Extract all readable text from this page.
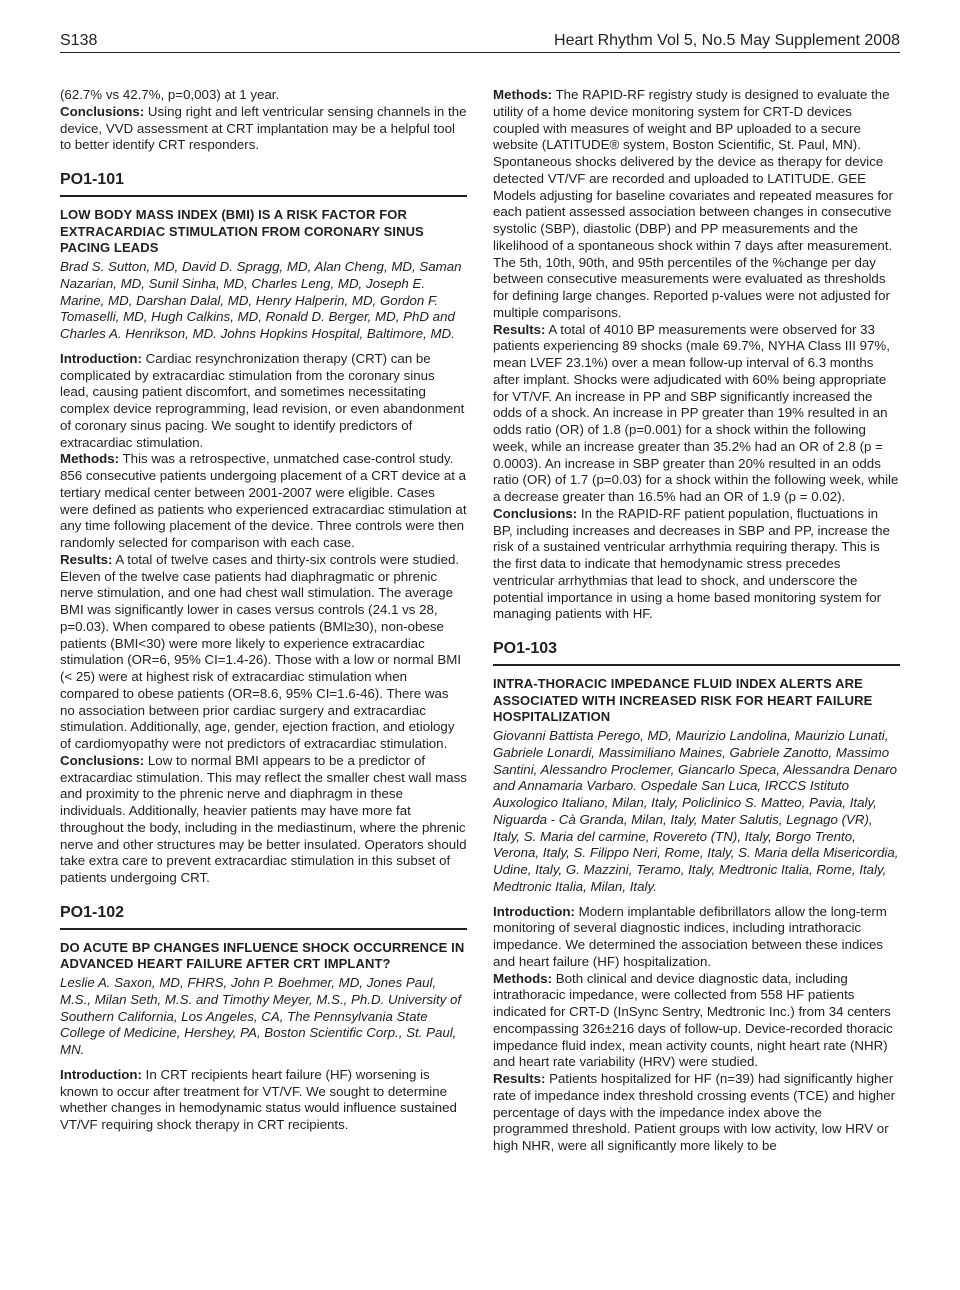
S138	Heart Rhythm Vol 5, No.5 May Supplement 2008

(62.7% vs 42.7%, p=0,003) at 1 year.

Conclusions: Using right and left ventricular sensing channels in the device, VVD assessment at CRT implantation may be a helpful tool to better identify CRT responders.

PO1-101
LOW BODY MASS INDEX (BMI) IS A RISK FACTOR FOR EXTRACARDIAC STIMULATION FROM CORONARY SINUS PACING LEADS
Brad S. Sutton, MD, David D. Spragg, MD, Alan Cheng, MD, Saman Nazarian, MD, Sunil Sinha, MD, Charles Leng, MD, Joseph E. Marine, MD, Darshan Dalal, MD, Henry Halperin, MD, Gordon F. Tomaselli, MD, Hugh Calkins, MD, Ronald D. Berger, MD, PhD and Charles A. Henrikson, MD. Johns Hopkins Hospital, Baltimore, MD.

Introduction: Cardiac resynchronization therapy (CRT) can be complicated by extracardiac stimulation from the coronary sinus lead, causing patient discomfort, and sometimes necessitating complex device reprogramming, lead revision, or even abandonment of coronary sinus pacing. We sought to identify predictors of extracardiac stimulation.

Methods: This was a retrospective, unmatched case-control study. 856 consecutive patients undergoing placement of a CRT device at a tertiary medical center between 2001-2007 were eligible. Cases were defined as patients who experienced extracardiac stimulation at any time following placement of the device. Three controls were then randomly selected for comparison with each case.

Results: A total of twelve cases and thirty-six controls were studied. Eleven of the twelve case patients had diaphragmatic or phrenic nerve stimulation, and one had chest wall stimulation. The average BMI was significantly lower in cases versus controls (24.1 vs 28, p=0.03). When compared to obese patients (BMI≥30), non-obese patients (BMI<30) were more likely to experience extracardiac stimulation (OR=6, 95% CI=1.4-26). Those with a low or normal BMI (< 25) were at highest risk of extracardiac stimulation when compared to obese patients (OR=8.6, 95% CI=1.6-46). There was no association between prior cardiac surgery and extracardiac stimulation. Additionally, age, gender, ejection fraction, and etiology of cardiomyopathy were not predictors of extracardiac stimulation.

Conclusions: Low to normal BMI appears to be a predictor of extracardiac stimulation. This may reflect the smaller chest wall mass and proximity to the phrenic nerve and diaphragm in these individuals. Additionally, heavier patients may have more fat throughout the body, including in the mediastinum, where the phrenic nerve and other structures may be better insulated. Operators should take extra care to prevent extracardiac stimulation in this subset of patients undergoing CRT.

PO1-102
DO ACUTE BP CHANGES INFLUENCE SHOCK OCCURRENCE IN ADVANCED HEART FAILURE AFTER CRT IMPLANT?
Leslie A. Saxon, MD, FHRS, John P. Boehmer, MD, Jones Paul, M.S., Milan Seth, M.S. and Timothy Meyer, M.S., Ph.D. University of Southern California, Los Angeles, CA, The Pennsylvania State College of Medicine, Hershey, PA, Boston Scientific Corp., St. Paul, MN.

Introduction: In CRT recipients heart failure (HF) worsening is known to occur after treatment for VT/VF. We sought to determine whether changes in hemodynamic status would influence sustained VT/VF requiring shock therapy in CRT recipients.

Methods: The RAPID-RF registry study is designed to evaluate the utility of a home device monitoring system for CRT-D devices coupled with measures of weight and BP uploaded to a secure website (LATITUDE® system, Boston Scientific, St. Paul, MN). Spontaneous shocks delivered by the device as therapy for device detected VT/VF are recorded and uploaded to LATITUDE. GEE Models adjusting for baseline covariates and repeated measures for each patient assessed association between changes in consecutive systolic (SBP), diastolic (DBP) and PP measurements and the likelihood of a spontaneous shock within 7 days after measurement. The 5th, 10th, 90th, and 95th percentiles of the %change per day between consecutive measurements were evaluated as thresholds for defining large changes. Reported p-values were not adjusted for multiple comparisons.

Results: A total of 4010 BP measurements were observed for 33 patients experiencing 89 shocks (male 69.7%, NYHA Class III 97%, mean LVEF 23.1%) over a mean follow-up interval of 6.3 months after implant. Shocks were adjudicated with 60% being appropriate for VT/VF. An increase in PP and SBP significantly increased the odds of a shock. An increase in PP greater than 19% resulted in an odds ratio (OR) of 1.8 (p=0.001) for a shock within the following week, while an increase greater than 35.2% had an OR of 2.8 (p = 0.0003). An increase in SBP greater than 20% resulted in an odds ratio (OR) of 1.7 (p=0.03) for a shock within the following week, while a decrease greater than 16.5% had an OR of 1.9 (p = 0.02).

Conclusions: In the RAPID-RF patient population, fluctuations in BP, including increases and decreases in SBP and PP, increase the risk of a sustained ventricular arrhythmia requiring therapy. This is the first data to indicate that hemodynamic stress precedes ventricular arrhythmias that lead to shock, and underscore the potential importance in using a home based monitoring system for managing patients with HF.

PO1-103
INTRA-THORACIC IMPEDANCE FLUID INDEX ALERTS ARE ASSOCIATED WITH INCREASED RISK FOR HEART FAILURE HOSPITALIZATION
Giovanni Battista Perego, MD, Maurizio Landolina, Maurizio Lunati, Gabriele Lonardi, Massimiliano Maines, Gabriele Zanotto, Massimo Santini, Alessandro Proclemer, Giancarlo Speca, Alessandra Denaro and Annamaria Varbaro. Ospedale San Luca, IRCCS Istituto Auxologico Italiano, Milan, Italy, Policlinico S. Matteo, Pavia, Italy, Niguarda - Cà Granda, Milan, Italy, Mater Salutis, Legnago (VR), Italy, S. Maria del carmine, Rovereto (TN), Italy, Borgo Trento, Verona, Italy, S. Filippo Neri, Rome, Italy, S. Maria della Misericordia, Udine, Italy, G. Mazzini, Teramo, Italy, Medtronic Italia, Rome, Italy, Medtronic Italia, Milan, Italy.

Introduction: Modern implantable defibrillators allow the long-term monitoring of several diagnostic indices, including intrathoracic impedance. We determined the association between these indices and heart failure (HF) hospitalization.

Methods: Both clinical and device diagnostic data, including intrathoracic impedance, were collected from 558 HF patients indicated for CRT-D (InSync Sentry, Medtronic Inc.) from 34 centers encompassing 326±216 days of follow-up. Device-recorded thoracic impedance fluid index, mean activity counts, night heart rate (NHR) and heart rate variability (HRV) were studied.

Results: Patients hospitalized for HF (n=39) had significantly higher rate of impedance index threshold crossing events (TCE) and higher percentage of days with the impedance index above the programmed threshold. Patient groups with low activity, low HRV or high NHR, were all significantly more likely to be
